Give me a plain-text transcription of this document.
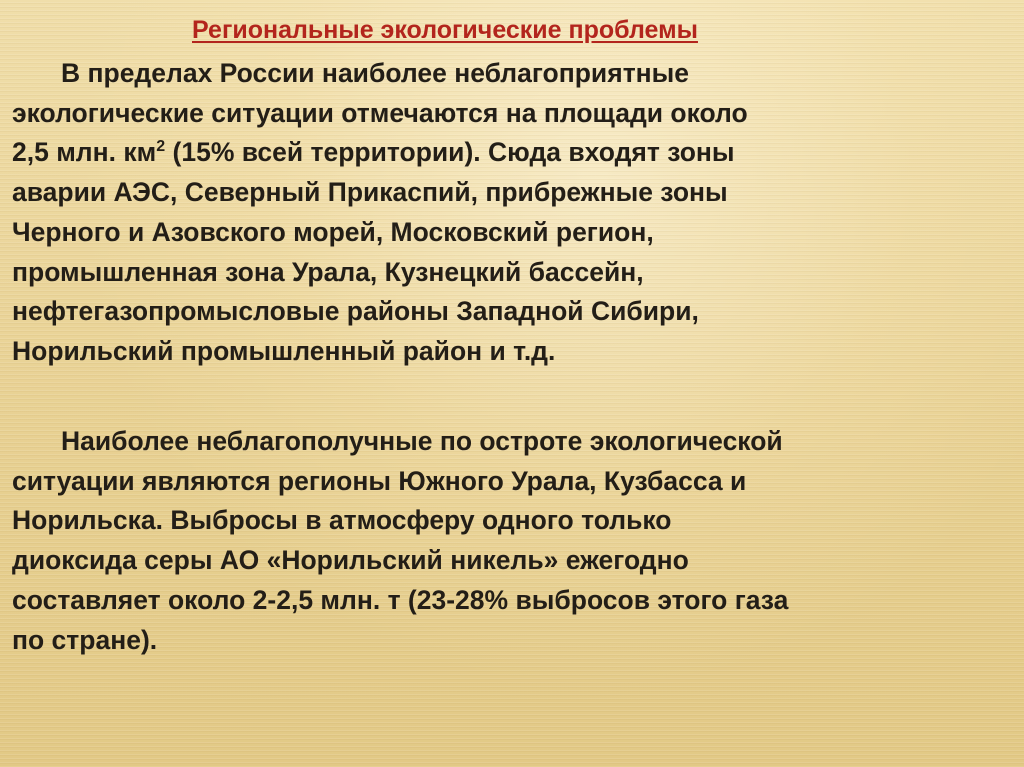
Региональные экологические проблемы

В пределах России наиболее неблагоприятные
экологические ситуации отмечаются на площади около
2,5 млн. $км^2$ (15% всей территории). Сюда входят зоны
аварии АЭС, Северный Прикаспий, прибрежные зоны
Черного и Азовского морей, Московский регион,
промышленная зона Урала, Кузнецкий бассейн,
нефтегазопромысловые районы Западной Сибири,
Норильский промышленный район и т.д.

Наиболее неблагополучные по остроте экологической
ситуации являются регионы Южного Урала, Кузбасса и
Норильска. Выбросы в атмосферу одного только
диоксида серы АО «Норильский никель» ежегодно
составляет около 2-2,5 млн. т (23-28% выбросов этого газа
по стране).
